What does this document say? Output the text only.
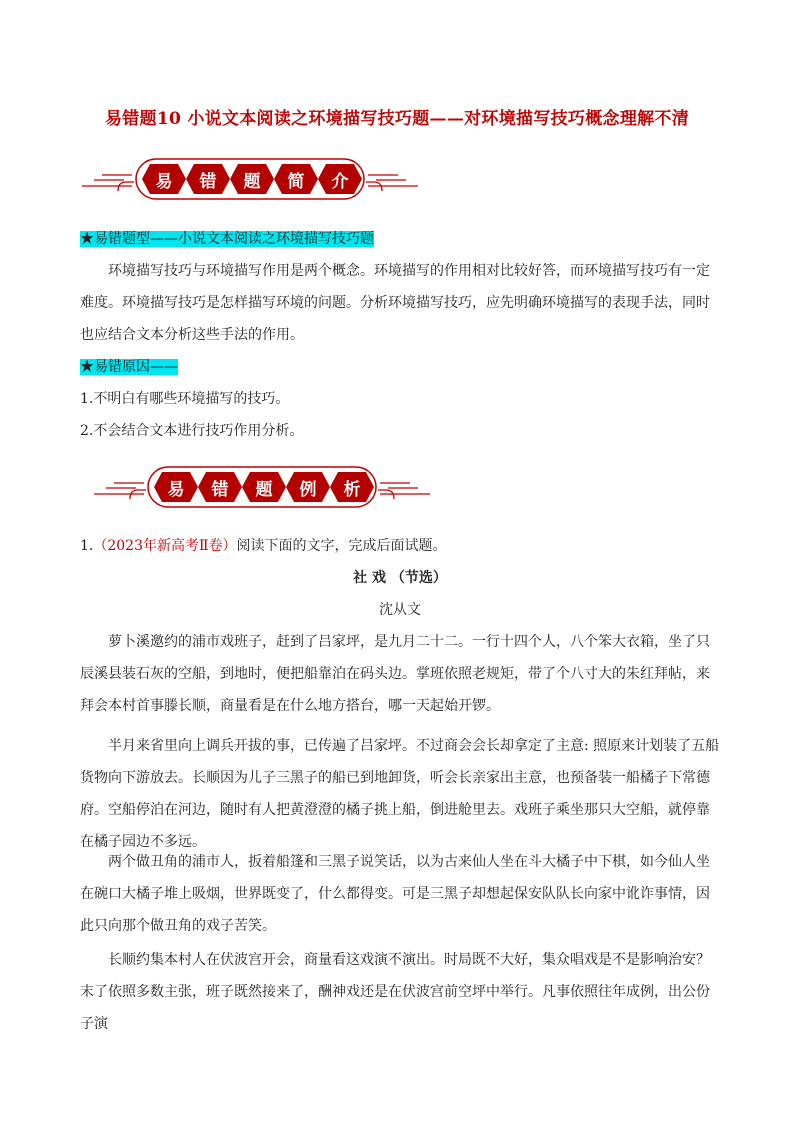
易错题10 小说文本阅读之环境描写技巧题——对环境描写技巧概念理解不清
易	错	题	简	介
★易错题型——小说文本阅读之环境描写技巧题
环境描写技巧与环境描写作用是两个概念。环境描写的作用相对比较好答，而环境描写技巧有一定难度。环境描写技巧是怎样描写环境的问题。分析环境描写技巧，应先明确环境描写的表现手法，同时也应结合文本分析这些手法的作用。
★易错原因——
1.不明白有哪些环境描写的技巧。
2.不会结合文本进行技巧作用分析。
易	错	题	例	析
1.（2023年新高考Ⅱ卷）阅读下面的文字，完成后面试题。
社 戏 （节选）
沈从文
萝卜溪邀约的浦市戏班子，赶到了吕家坪，是九月二十二。一行十四个人，八个笨大衣箱，坐了只辰溪县装石灰的空船，到地时，便把船靠泊在码头边。掌班依照老规矩，带了个八寸大的朱红拜帖，来拜会本村首事滕长顺，商量看是在什么地方搭台，哪一天起始开锣。
半月来省里向上调兵开拔的事，已传遍了吕家坪。不过商会会长却拿定了主意: 照原来计划装了五船货物向下游放去。长顺因为儿子三黑子的船已到地卸货，听会长亲家出主意，也预备装一船橘子下常德府。空船停泊在河边，随时有人把黄澄澄的橘子挑上船，倒进舱里去。戏班子乘坐那只大空船，就停靠在橘子园边不多远。
两个做丑角的浦市人，扳着船篷和三黑子说笑话，以为古来仙人坐在斗大橘子中下棋，如今仙人坐在碗口大橘子堆上吸烟，世界既变了，什么都得变。可是三黑子却想起保安队队长向家中讹诈事情，因此只向那个做丑角的戏子苦笑。
长顺约集本村人在伏波宫开会，商量看这戏演不演出。时局既不大好，集众唱戏是不是影响治安？末了依照多数主张，班子既然接来了，酬神戏还是在伏波宫前空坪中举行。凡事依照往年成例，出公份子演
